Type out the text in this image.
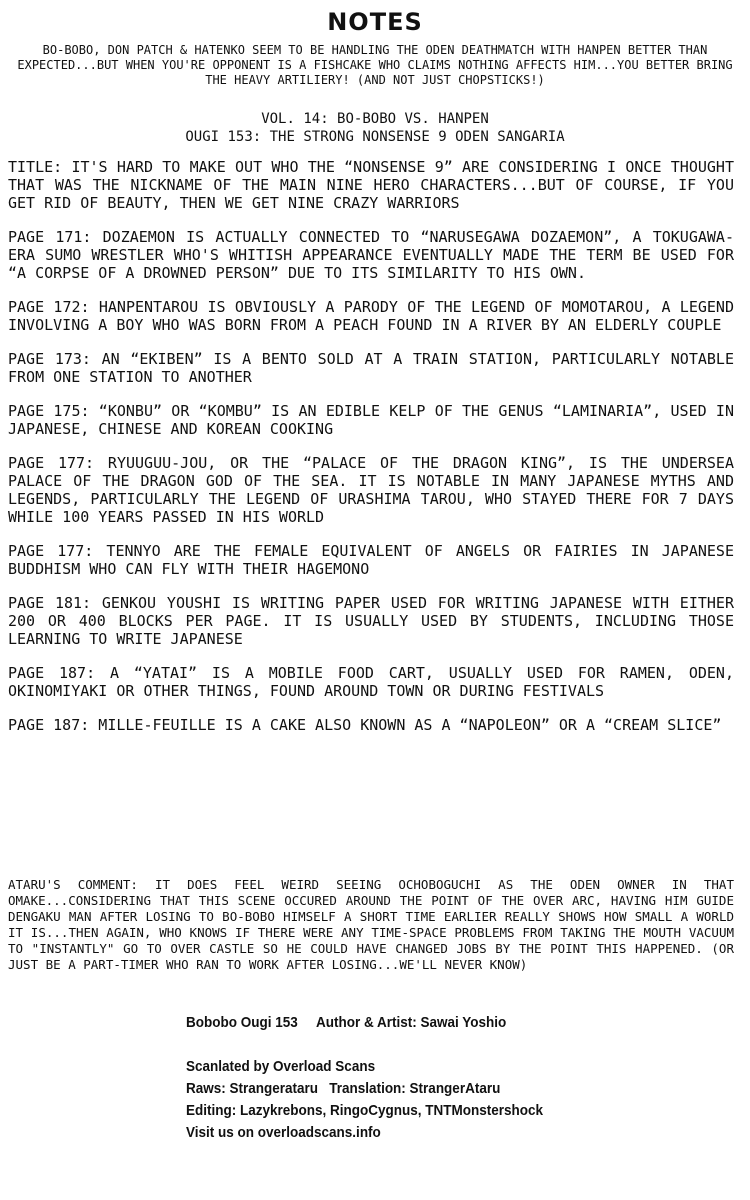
NOTES
BO-BOBO, DON PATCH & HATENKO SEEM TO BE HANDLING THE ODEN DEATHMATCH WITH HANPEN BETTER THAN EXPECTED...BUT WHEN YOU'RE OPPONENT IS A FISHCAKE WHO CLAIMS NOTHING AFFECTS HIM...YOU BETTER BRING THE HEAVY ARTILIERY! (AND NOT JUST CHOPSTICKS!)
VOL. 14: BO-BOBO VS. HANPEN
OUGI 153: THE STRONG NONSENSE 9 ODEN SANGARIA

TITLE: IT'S HARD TO MAKE OUT WHO THE “NONSENSE 9” ARE CONSIDERING I ONCE THOUGHT THAT WAS THE NICKNAME OF THE MAIN NINE HERO CHARACTERS...BUT OF COURSE, IF YOU GET RID OF BEAUTY, THEN WE GET NINE CRAZY WARRIORS

PAGE 171: DOZAEMON IS ACTUALLY CONNECTED TO “NARUSEGAWA DOZAEMON”, A TOKUGAWA-ERA SUMO WRESTLER WHO'S WHITISH APPEARANCE EVENTUALLY MADE THE TERM BE USED FOR “A CORPSE OF A DROWNED PERSON” DUE TO ITS SIMILARITY TO HIS OWN.

PAGE 172: HANPENTAROU IS OBVIOUSLY A PARODY OF THE LEGEND OF MOMOTAROU, A LEGEND INVOLVING A BOY WHO WAS BORN FROM A PEACH FOUND IN A RIVER BY AN ELDERLY COUPLE

PAGE 173: AN “EKIBEN” IS A BENTO SOLD AT A TRAIN STATION, PARTICULARLY NOTABLE FROM ONE STATION TO ANOTHER

PAGE 175: “KONBU” OR “KOMBU” IS AN EDIBLE KELP OF THE GENUS “LAMINARIA”, USED IN JAPANESE, CHINESE AND KOREAN COOKING

PAGE 177: RYUUGUU-JOU, OR THE “PALACE OF THE DRAGON KING”, IS THE UNDERSEA PALACE OF THE DRAGON GOD OF THE SEA. IT IS NOTABLE IN MANY JAPANESE MYTHS AND LEGENDS, PARTICULARLY THE LEGEND OF URASHIMA TAROU, WHO STAYED THERE FOR 7 DAYS WHILE 100 YEARS PASSED IN HIS WORLD

PAGE 177: TENNYO ARE THE FEMALE EQUIVALENT OF ANGELS OR FAIRIES IN JAPANESE BUDDHISM WHO CAN FLY WITH THEIR HAGEMONO

PAGE 181: GENKOU YOUSHI IS WRITING PAPER USED FOR WRITING JAPANESE WITH EITHER 200 OR 400 BLOCKS PER PAGE. IT IS USUALLY USED BY STUDENTS, INCLUDING THOSE LEARNING TO WRITE JAPANESE

PAGE 187: A “YATAI” IS A MOBILE FOOD CART, USUALLY USED FOR RAMEN, ODEN, OKINOMIYAKI OR OTHER THINGS, FOUND AROUND TOWN OR DURING FESTIVALS

PAGE 187: MILLE-FEUILLE IS A CAKE ALSO KNOWN AS A “NAPOLEON” OR A “CREAM SLICE”

ATARU'S COMMENT: IT DOES FEEL WEIRD SEEING OCHOBOGUCHI AS THE ODEN OWNER IN THAT OMAKE...CONSIDERING THAT THIS SCENE OCCURED AROUND THE POINT OF THE OVER ARC, HAVING HIM GUIDE DENGAKU MAN AFTER LOSING TO BO-BOBO HIMSELF A SHORT TIME EARLIER REALLY SHOWS HOW SMALL A WORLD IT IS...THEN AGAIN, WHO KNOWS IF THERE WERE ANY TIME-SPACE PROBLEMS FROM TAKING THE MOUTH VACUUM TO "INSTANTLY" GO TO OVER CASTLE SO HE COULD HAVE CHANGED JOBS BY THE POINT THIS HAPPENED. (OR JUST BE A PART-TIMER WHO RAN TO WORK AFTER LOSING...WE'LL NEVER KNOW)
Bobobo Ougi 153 Author & Artist: Sawai Yoshio
Scanlated by Overload Scans
Raws: Strangerataru   Translation: StrangerAtaru
Editing: Lazykrebons, RingoCygnus, TNTMonstershock
Visit us on overloadscans.info
